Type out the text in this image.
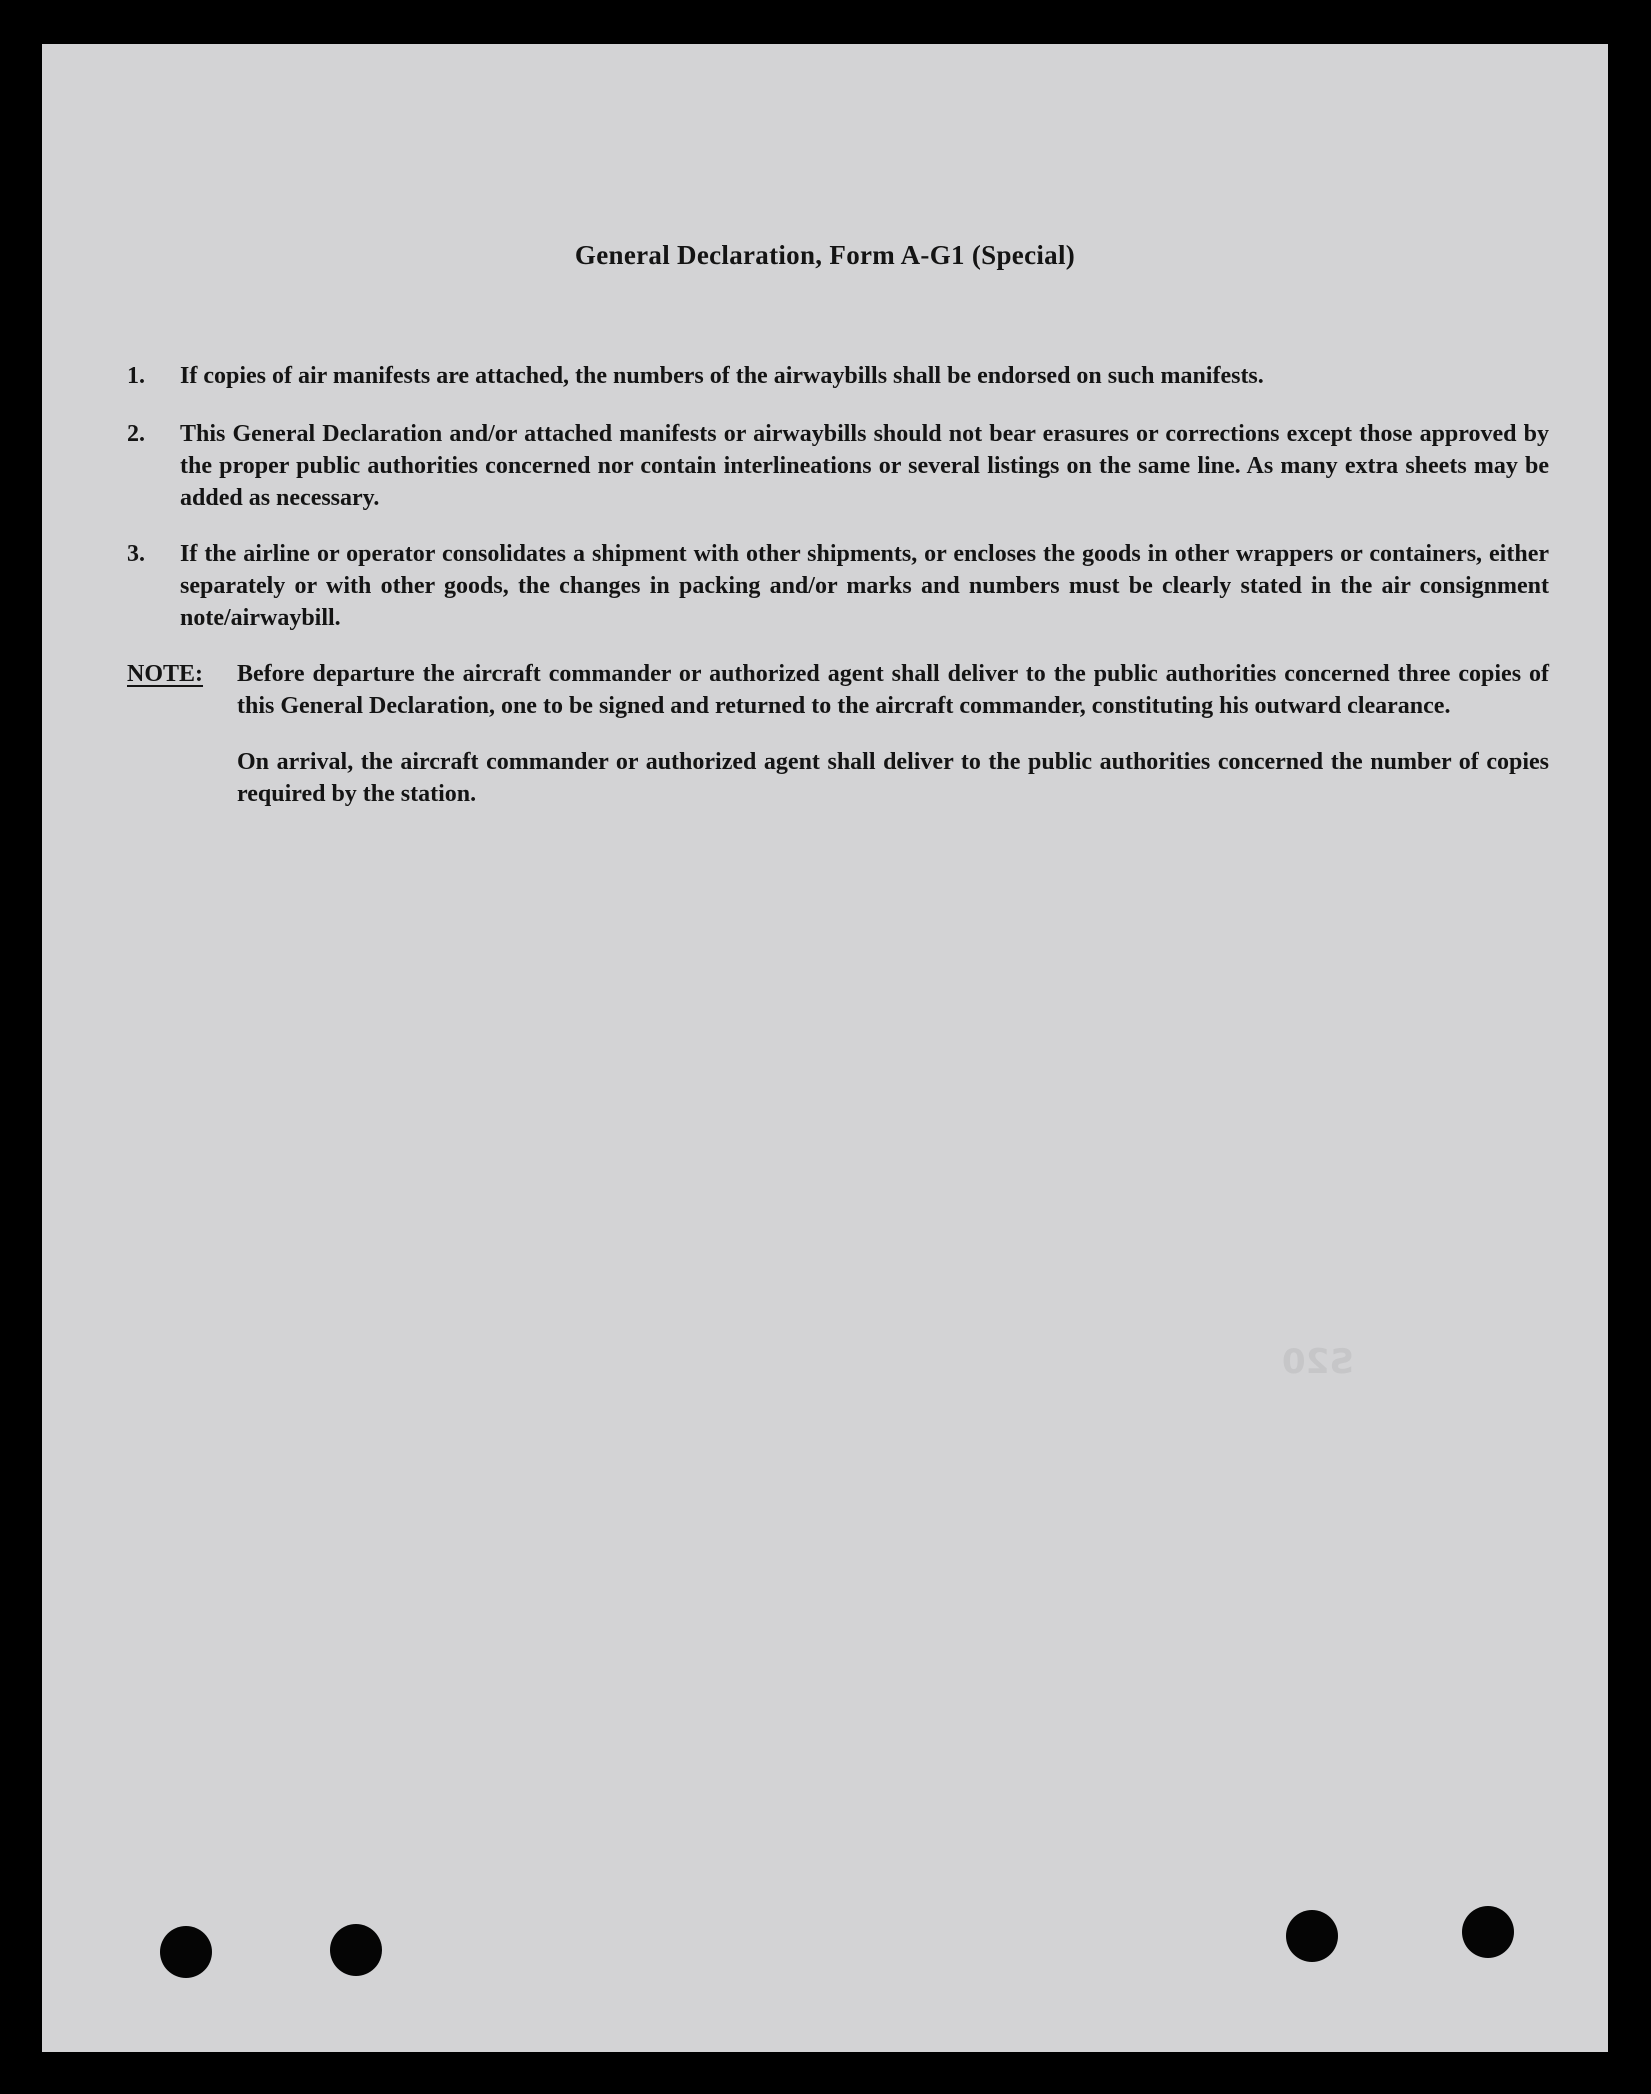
General Declaration, Form A-G1 (Special)
1.	If copies of air manifests are attached, the numbers of the airwaybills shall be endorsed on such manifests.
2.	This General Declaration and/or attached manifests or airwaybills should not bear erasures or corrections except those approved by the proper public authorities concerned nor contain interlineations or several listings on the same line. As many extra sheets may be added as necessary.
3.	If the airline or operator consolidates a shipment with other shipments, or encloses the goods in other wrappers or containers, either separately or with other goods, the changes in packing and/or marks and numbers must be clearly stated in the air consignment note/airwaybill.
NOTE: Before departure the aircraft commander or authorized agent shall deliver to the public authorities concerned three copies of this General Declaration, one to be signed and returned to the aircraft commander, constituting his outward clearance.

On arrival, the aircraft commander or authorized agent shall deliver to the public authorities concerned the number of copies required by the station.

S20
